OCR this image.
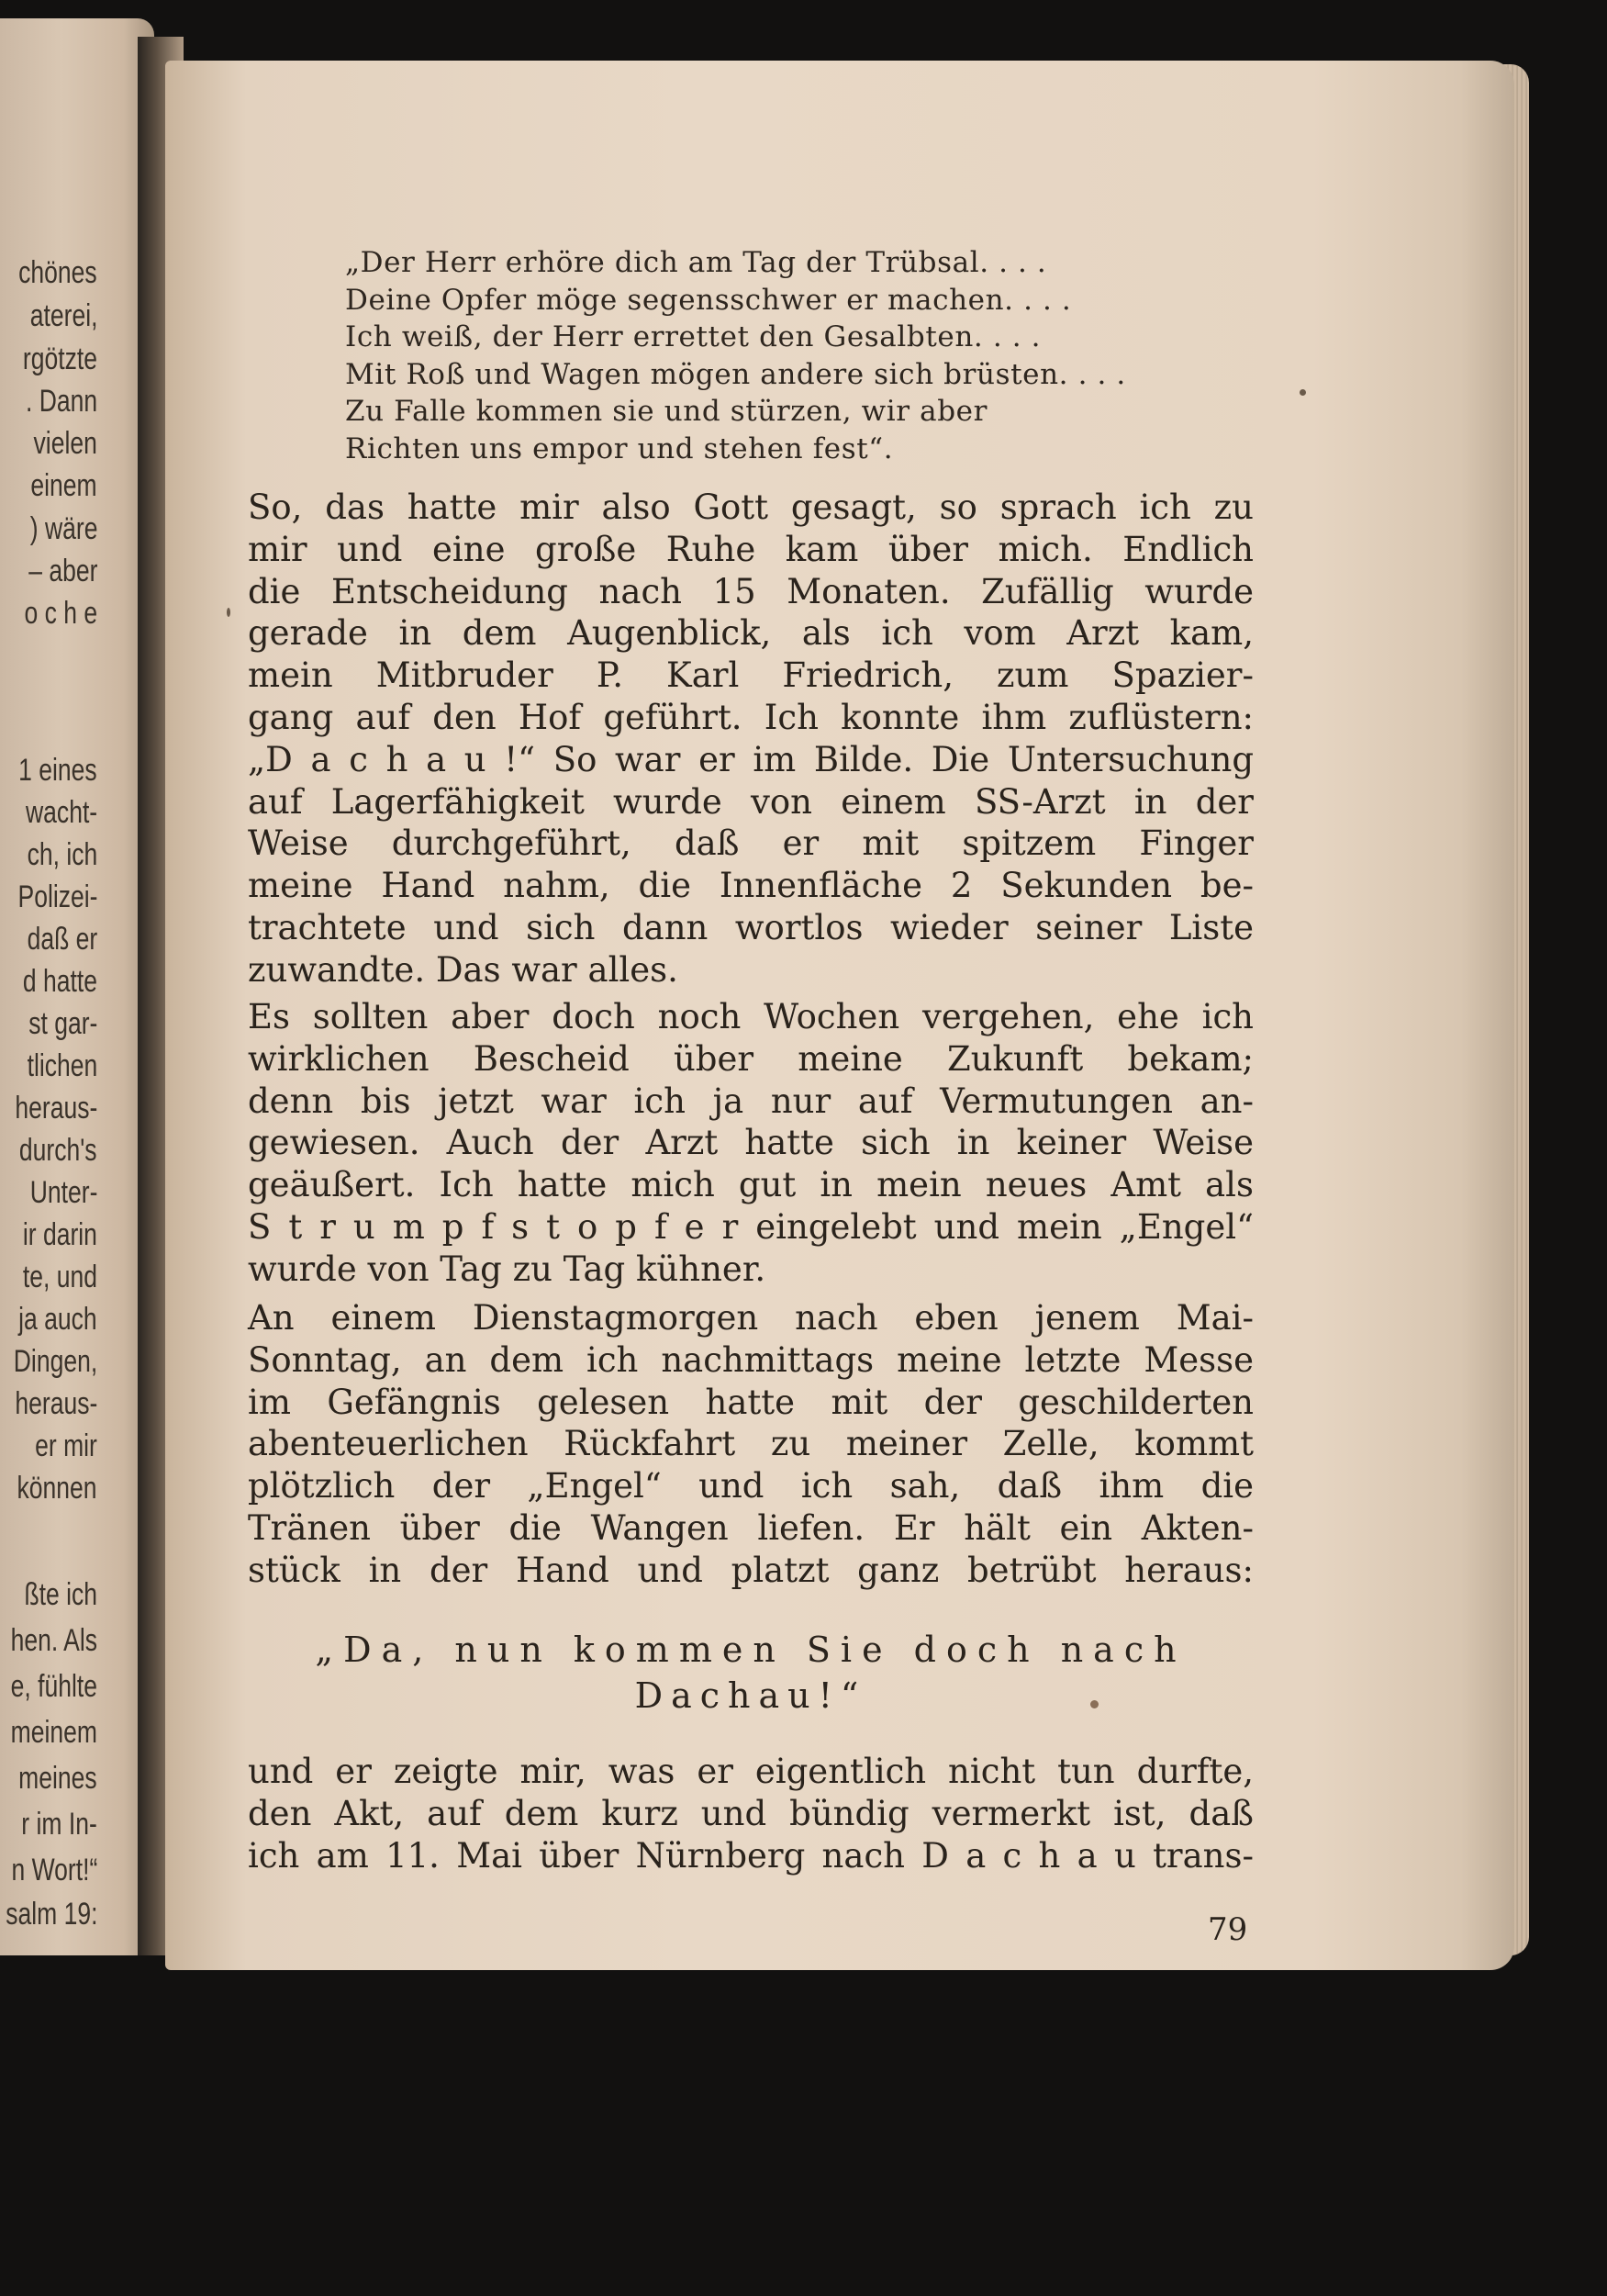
chönes
aterei,
rgötzte
. Dann
vielen
einem
) wäre
– aber
o c h e
1 eines
wacht-
ch, ich
Polizei-
daß er
d hatte
st gar-
tlichen
heraus-
durch's
Unter-
ir darin
te, und
ja auch
Dingen,
heraus-
er mir
können
ßte ich
hen. Als
e, fühlte
meinem
meines
r im In-
n Wort!“
salm 19:
„Der Herr erhöre dich am Tag der Trübsal. . . .
Deine Opfer möge segensschwer er machen. . . .
Ich weiß, der Herr errettet den Gesalbten. . . .
Mit Roß und Wagen mögen andere sich brüsten. . . .
Zu Falle kommen sie und stürzen, wir aber
Richten uns empor und stehen fest“.
So, das hatte mir also Gott gesagt, so sprach ich zu
mir und eine große Ruhe kam über mich. Endlich
die Entscheidung nach 15 Monaten. Zufällig wurde
gerade in dem Augenblick, als ich vom Arzt kam,
mein Mitbruder P. Karl Friedrich, zum Spazier-
gang auf den Hof geführt. Ich konnte ihm zuflüstern:
„D a c h a u !“ So war er im Bilde. Die Untersuchung
auf Lagerfähigkeit wurde von einem SS-Arzt in der
Weise durchgeführt, daß er mit spitzem Finger
meine Hand nahm, die Innenfläche 2 Sekunden be-
trachtete und sich dann wortlos wieder seiner Liste
zuwandte. Das war alles.
Es sollten aber doch noch Wochen vergehen, ehe ich
wirklichen Bescheid über meine Zukunft bekam;
denn bis jetzt war ich ja nur auf Vermutungen an-
gewiesen. Auch der Arzt hatte sich in keiner Weise
geäußert. Ich hatte mich gut in mein neues Amt als
S t r u m p f s t o p f e r eingelebt und mein „Engel“
wurde von Tag zu Tag kühner.
An einem Dienstagmorgen nach eben jenem Mai-
Sonntag, an dem ich nachmittags meine letzte Messe
im Gefängnis gelesen hatte mit der geschilderten
abenteuerlichen Rückfahrt zu meiner Zelle, kommt
plötzlich der „Engel“ und ich sah, daß ihm die
Tränen über die Wangen liefen. Er hält ein Akten-
stück in der Hand und platzt ganz betrübt heraus:
„Da, nun kommen Sie doch nach
Dachau!“
und er zeigte mir, was er eigentlich nicht tun durfte,
den Akt, auf dem kurz und bündig vermerkt ist, daß
ich am 11. Mai über Nürnberg nach D a c h a u trans-
79
